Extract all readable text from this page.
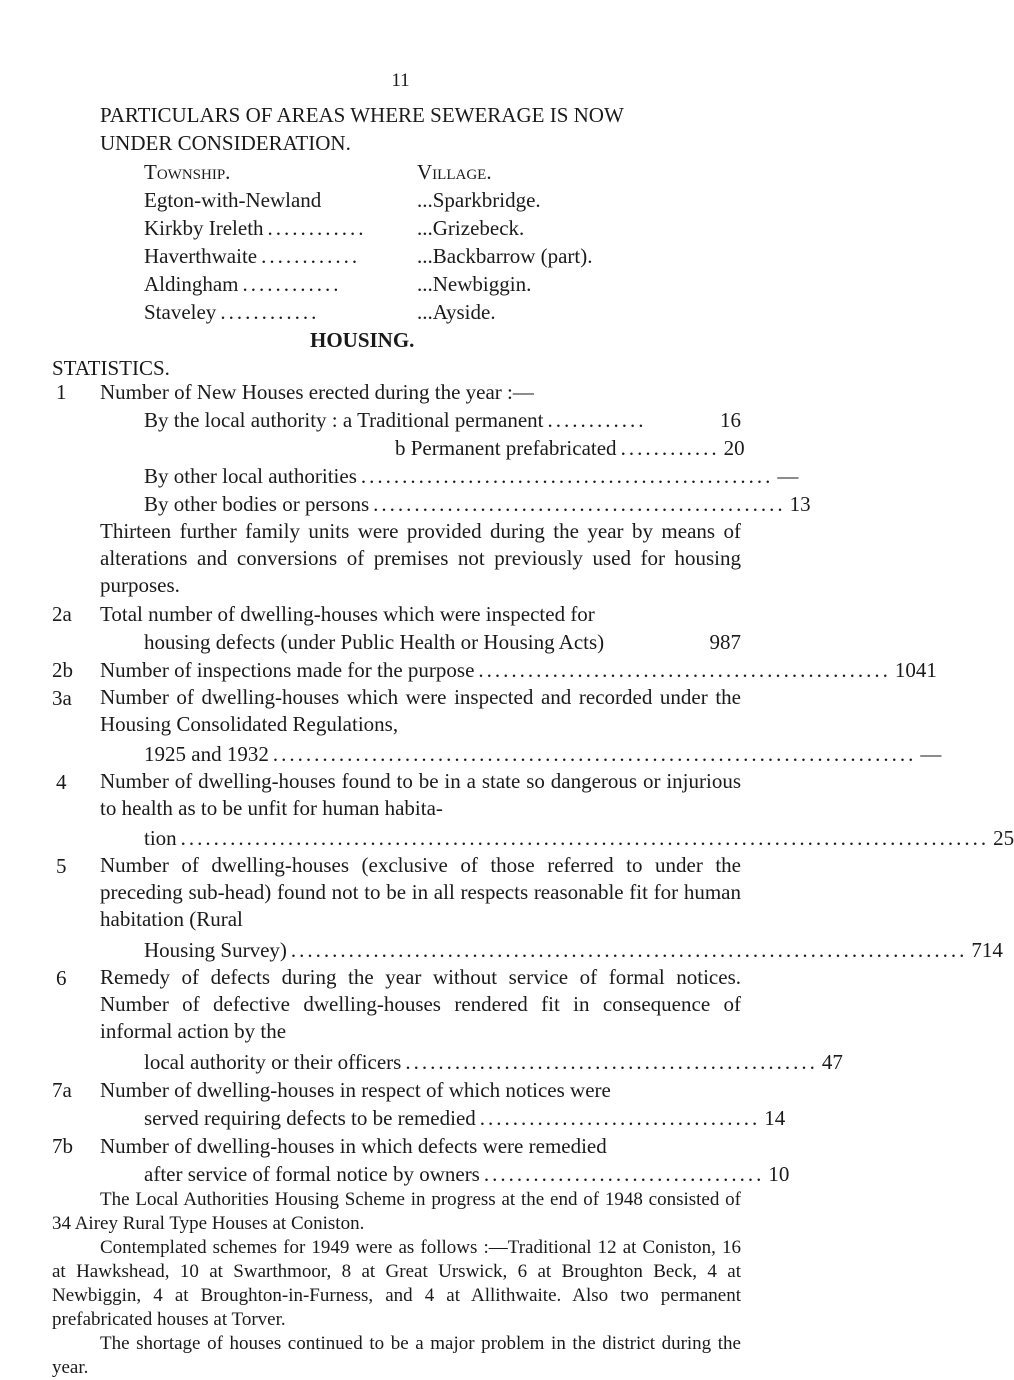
11
PARTICULARS OF AREAS WHERE SEWERAGE IS NOW
UNDER CONSIDERATION.
Township.	Village.
Egton-with-Newland	...Sparkbridge.
Kirkby Ireleth ............	...Grizebeck.
Haverthwaite ............	...Backbarrow (part).
Aldingham ............	...Newbiggin.
Staveley ............	...Ayside.
HOUSING.
STATISTICS.
1 Number of New Houses erected during the year :—
By the local authority : a Traditional permanent ............	16
b Permanent prefabricated ............ 20
By other local authorities .................................................. —
By other bodies or persons .................................................. 13
Thirteen further family units were provided during the year by means of alterations and conversions of premises not previously used for housing purposes.
2a Total number of dwelling-houses which were inspected for
housing defects (under Public Health or Housing Acts)	987
2b Number of inspections made for the purpose .................................................. 1041
3a Number of dwelling-houses which were inspected and recorded under the Housing Consolidated Regulations,
1925 and 1932 .............................................................................. —
4 Number of dwelling-houses found to be in a state so dangerous or injurious to health as to be unfit for human habita-
tion .................................................................................................. 25
5 Number of dwelling-houses (exclusive of those referred to under the preceding sub-head) found not to be in all respects reasonable fit for human habitation (Rural
Housing Survey) .................................................................................. 714
6 Remedy of defects during the year without service of formal notices. Number of defective dwelling-houses rendered fit in consequence of informal action by the
local authority or their officers .................................................. 47
7a Number of dwelling-houses in respect of which notices were
served requiring defects to be remedied .................................. 14
7b Number of dwelling-houses in which defects were remedied
after service of formal notice by owners .................................. 10
The Local Authorities Housing Scheme in progress at the end of 1948 consisted of 34 Airey Rural Type Houses at Coniston.
Contemplated schemes for 1949 were as follows :—Traditional 12 at Coniston, 16 at Hawkshead, 10 at Swarthmoor, 8 at Great Urswick, 6 at Broughton Beck, 4 at Newbiggin, 4 at Broughton-in-Furness, and 4 at Allithwaite. Also two permanent prefabricated houses at Torver.
The shortage of houses continued to be a major problem in the district during the year.
